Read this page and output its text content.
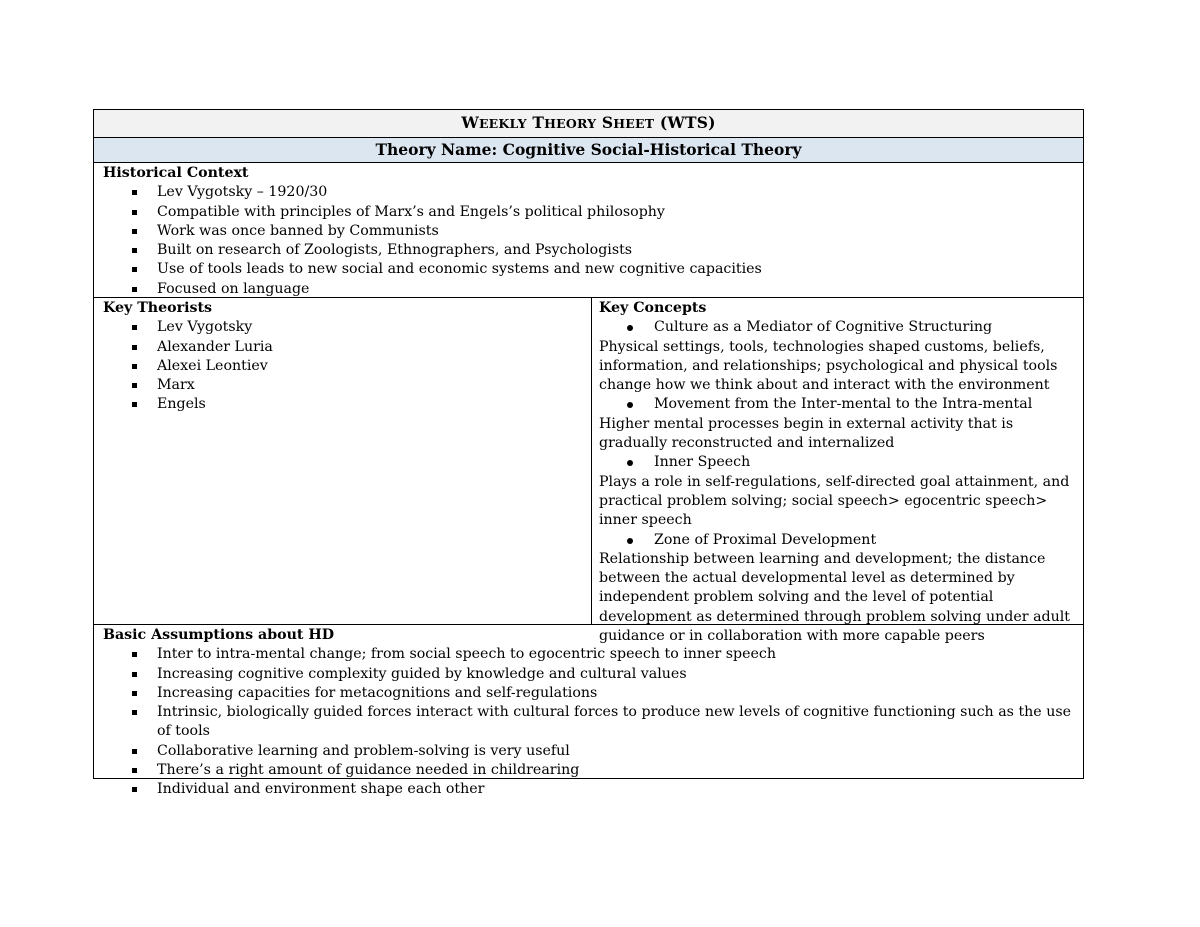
WEEKLY THEORY SHEET (WTS)
Theory Name: Cognitive Social-Historical Theory

Historical Context
Lev Vygotsky – 1920/30
Compatible with principles of Marx’s and Engels’s political philosophy
Work was once banned by Communists
Built on research of Zoologists, Ethnographers, and Psychologists
Use of tools leads to new social and economic systems and new cognitive capacities
Focused on language

Key Theorists
Lev Vygotsky
Alexander Luria
Alexei Leontiev
Marx
Engels

Key Concepts
Culture as a Mediator of Cognitive Structuring
Physical settings, tools, technologies shaped customs, beliefs, information, and relationships; psychological and physical tools change how we think about and interact with the environment
Movement from the Inter-mental to the Intra-mental
Higher mental processes begin in external activity that is gradually reconstructed and internalized
Inner Speech
Plays a role in self-regulations, self-directed goal attainment, and practical problem solving; social speech> egocentric speech> inner speech
Zone of Proximal Development
Relationship between learning and development; the distance between the actual developmental level as determined by independent problem solving and the level of potential development as determined through problem solving under adult guidance or in collaboration with more capable peers

Basic Assumptions about HD
Inter to intra-mental change; from social speech to egocentric speech to inner speech
Increasing cognitive complexity guided by knowledge and cultural values
Increasing capacities for metacognitions and self-regulations
Intrinsic, biologically guided forces interact with cultural forces to produce new levels of cognitive functioning such as the use of tools
Collaborative learning and problem-solving is very useful
There’s a right amount of guidance needed in childrearing
Individual and environment shape each other
